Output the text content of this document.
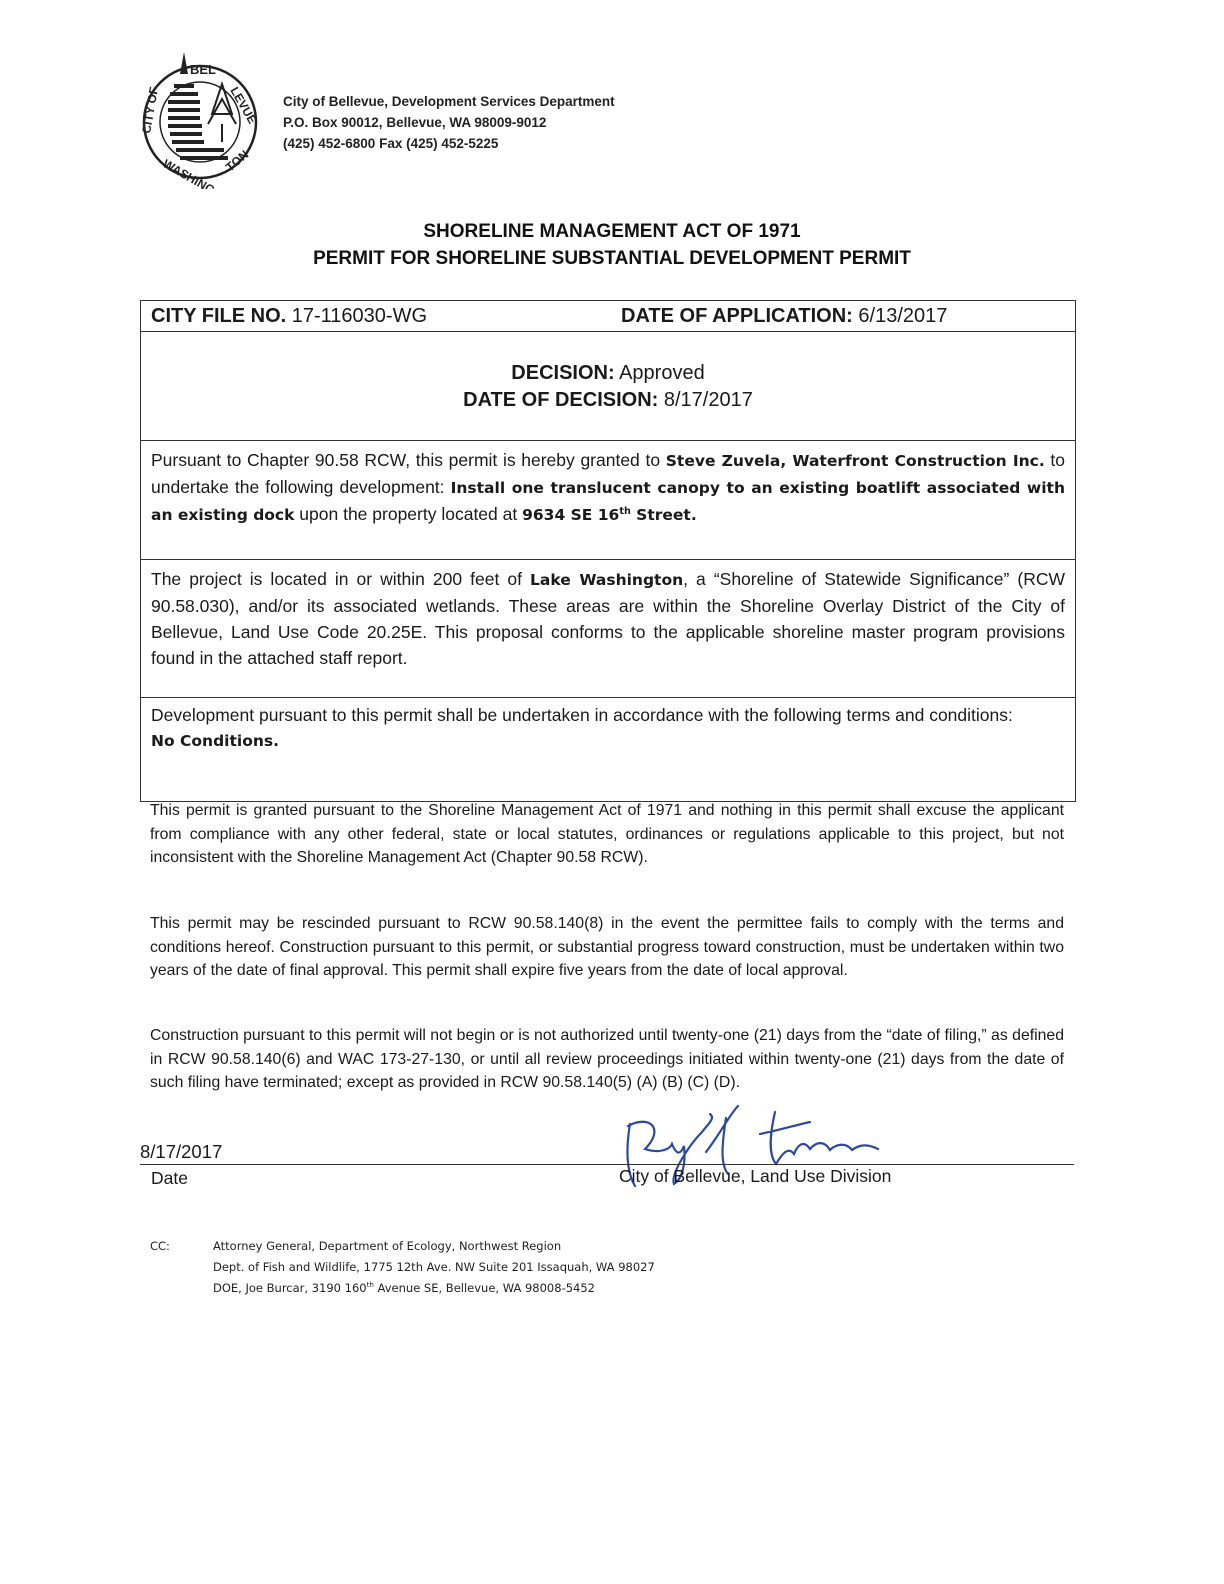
BEL
LEVUE
CITY OF
WASHING TON
City of Bellevue, Development Services Department
P.O. Box 90012, Bellevue, WA 98009-9012
(425) 452-6800 Fax (425) 452-5225
SHORELINE MANAGEMENT ACT OF 1971
PERMIT FOR SHORELINE SUBSTANTIAL DEVELOPMENT PERMIT
CITY FILE NO. 17-116030-WG	DATE OF APPLICATION: 6/13/2017
DECISION: Approved
DATE OF DECISION: 8/17/2017
Pursuant to Chapter 90.58 RCW, this permit is hereby granted to Steve Zuvela, Waterfront Construction Inc. to undertake the following development: Install one translucent canopy to an existing boatlift associated with an existing dock upon the property located at 9634 SE 16th Street.
The project is located in or within 200 feet of Lake Washington, a “Shoreline of Statewide Significance” (RCW 90.58.030), and/or its associated wetlands. These areas are within the Shoreline Overlay District of the City of Bellevue, Land Use Code 20.25E. This proposal conforms to the applicable shoreline master program provisions found in the attached staff report.
Development pursuant to this permit shall be undertaken in accordance with the following terms and conditions:
No Conditions.
This permit is granted pursuant to the Shoreline Management Act of 1971 and nothing in this permit shall excuse the applicant from compliance with any other federal, state or local statutes, ordinances or regulations applicable to this project, but not inconsistent with the Shoreline Management Act (Chapter 90.58 RCW).
This permit may be rescinded pursuant to RCW 90.58.140(8) in the event the permittee fails to comply with the terms and conditions hereof. Construction pursuant to this permit, or substantial progress toward construction, must be undertaken within two years of the date of final approval. This permit shall expire five years from the date of local approval.
Construction pursuant to this permit will not begin or is not authorized until twenty-one (21) days from the “date of filing,” as defined in RCW 90.58.140(6) and WAC 173-27-130, or until all review proceedings initiated within twenty-one (21) days from the date of such filing have terminated; except as provided in RCW 90.58.140(5) (A) (B) (C) (D).
8/17/2017
Date	City of Bellevue, Land Use Division
CC:	Attorney General, Department of Ecology, Northwest Region
Dept. of Fish and Wildlife, 1775 12th Ave. NW Suite 201 Issaquah, WA 98027
DOE, Joe Burcar, 3190 160th Avenue SE, Bellevue, WA 98008-5452
